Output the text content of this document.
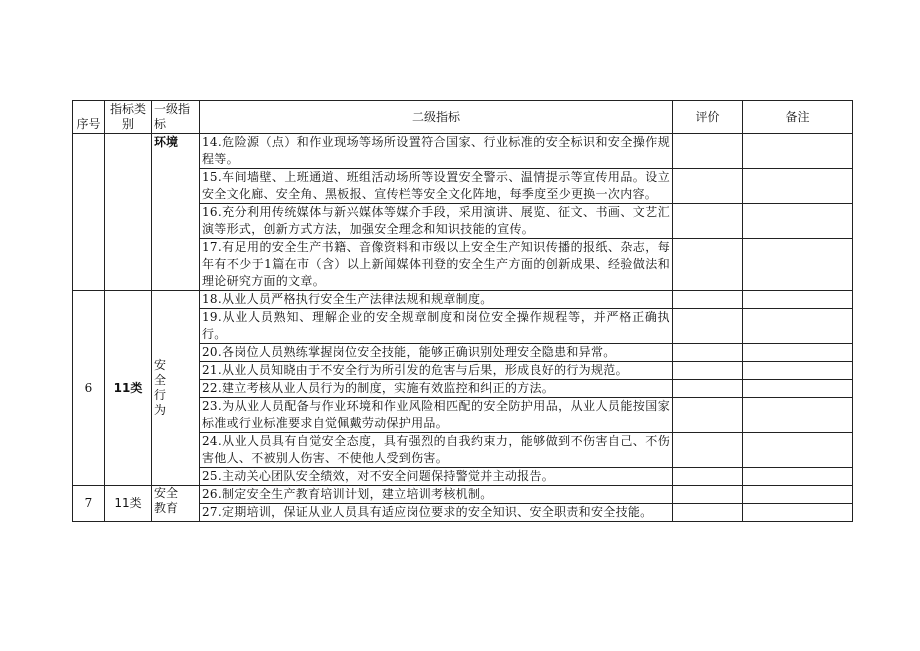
序号	指标类别	一级指标	二级指标	评价	备注
		环境	14.危险源（点）和作业现场等场所设置符合国家、行业标准的安全标识和安全操作规程等。		
			15.车间墙壁、上班通道、班组活动场所等设置安全警示、温情提示等宣传用品。设立安全文化廊、安全角、黑板报、宣传栏等安全文化阵地，每季度至少更换一次内容。		
			16.充分利用传统媒体与新兴媒体等媒介手段，采用演讲、展览、征文、书画、文艺汇演等形式，创新方式方法，加强安全理念和知识技能的宣传。		
			17.有足用的安全生产书籍、音像资料和市级以上安全生产知识传播的报纸、杂志，每年有不少于1篇在市（含）以上新闻媒体刊登的安全生产方面的创新成果、经验做法和理论研究方面的文章。		
6	11类	安全行为	18.从业人员严格执行安全生产法律法规和规章制度。		
			19.从业人员熟知、理解企业的安全规章制度和岗位安全操作规程等，并严格正确执行。		
			20.各岗位人员熟练掌握岗位安全技能，能够正确识别处理安全隐患和异常。		
			21.从业人员知晓由于不安全行为所引发的危害与后果，形成良好的行为规范。		
			22.建立考核从业人员行为的制度，实施有效监控和纠正的方法。		
			23.为从业人员配备与作业环境和作业风险相匹配的安全防护用品，从业人员能按国家标准或行业标准要求自觉佩戴劳动保护用品。		
			24.从业人员具有自觉安全态度，具有强烈的自我约束力，能够做到不伤害自己、不伤害他人、不被别人伤害、不使他人受到伤害。		
			25.主动关心团队安全绩效，对不安全问题保持警觉并主动报告。		
7	11类	安全教育	26.制定安全生产教育培训计划，建立培训考核机制。		
			27.定期培训，保证从业人员具有适应岗位要求的安全知识、安全职责和安全技能。		
